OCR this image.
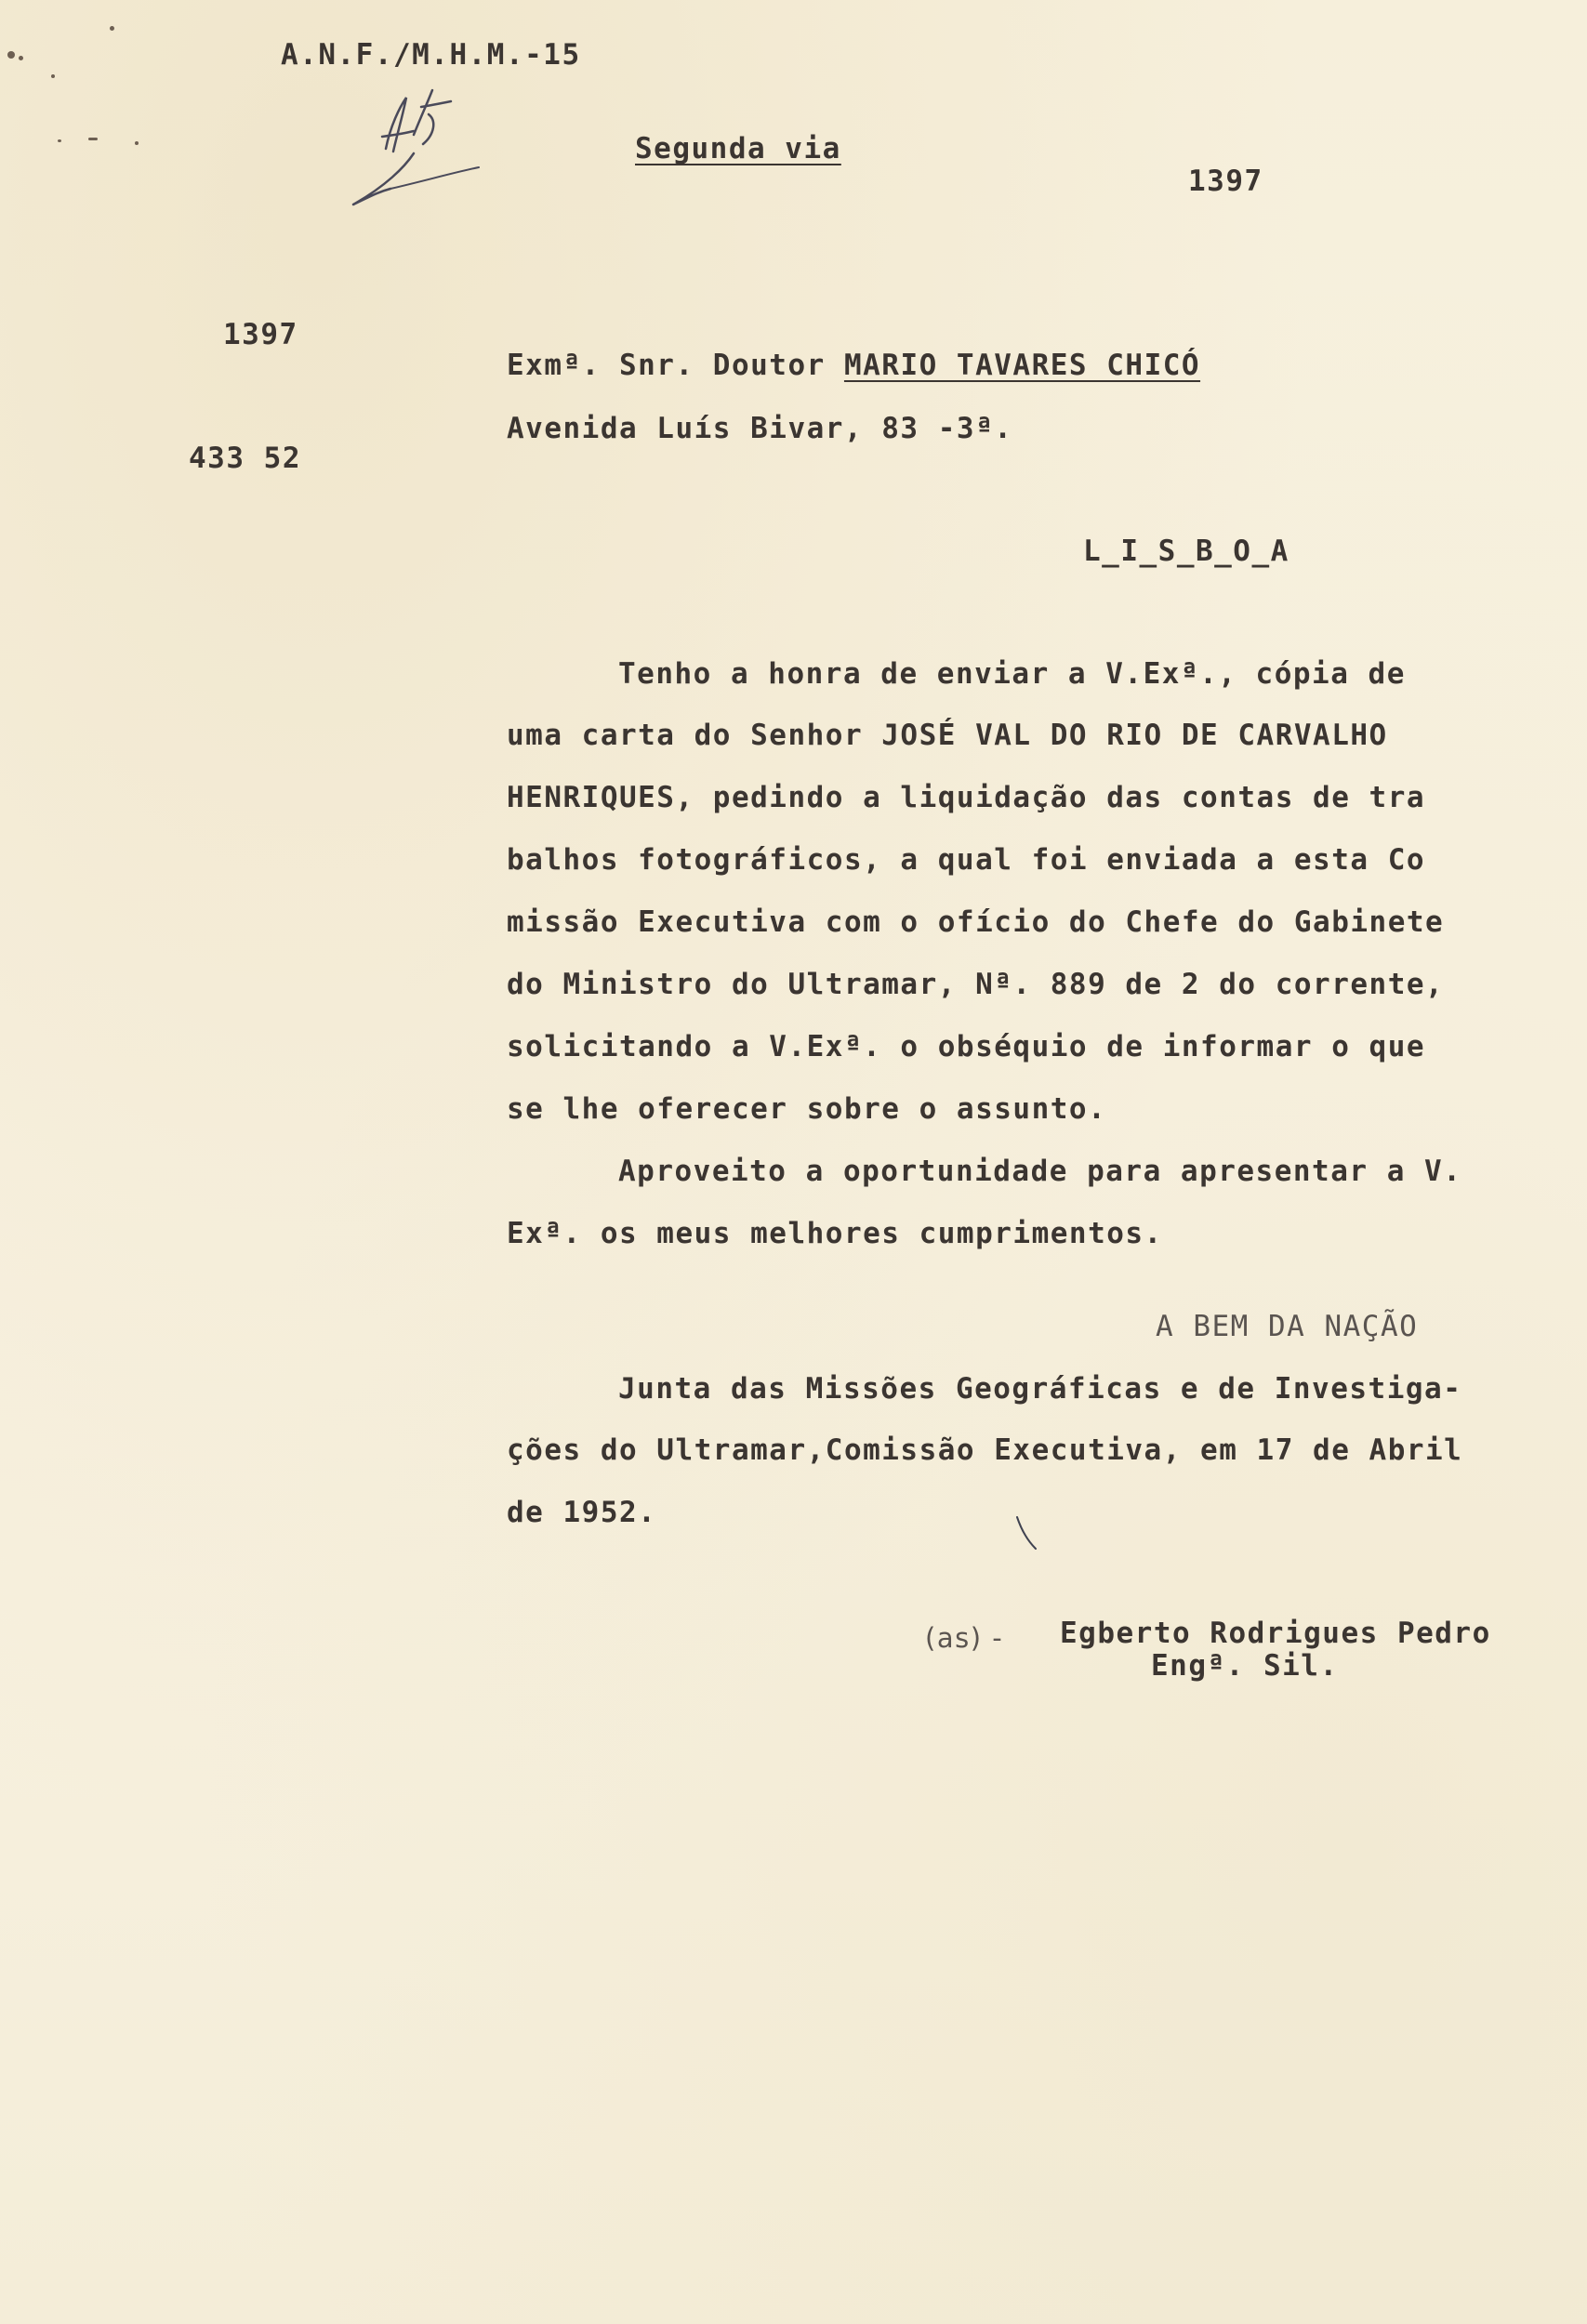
A.N.F./M.H.M.-15
Segunda via
1397
1397
433 52
Exmª. Snr. Doutor MARIO TAVARES CHICÓ
Avenida Luís Bivar, 83 -3ª.
L_I_S_B_O_A
Tenho a honra de enviar a V.Exª., cópia de
uma carta do Senhor JOSÉ VAL DO RIO DE CARVALHO
HENRIQUES, pedindo a liquidação das contas de tra
balhos fotográficos, a qual foi enviada a esta Co
missão Executiva com o ofício do Chefe do Gabinete
do Ministro do Ultramar, Nª. 889 de 2 do corrente,
solicitando a V.Exª. o obséquio de informar o que
se lhe oferecer sobre o assunto.
Aproveito a oportunidade para apresentar a V.
Exª. os meus melhores cumprimentos.
A BEM DA NAÇÃO
Junta das Missões Geográficas e de Investiga-
ções do Ultramar,Comissão Executiva, em 17 de Abril
de 1952.
(as) - Egberto Rodrigues Pedro
Engª. Sil.
